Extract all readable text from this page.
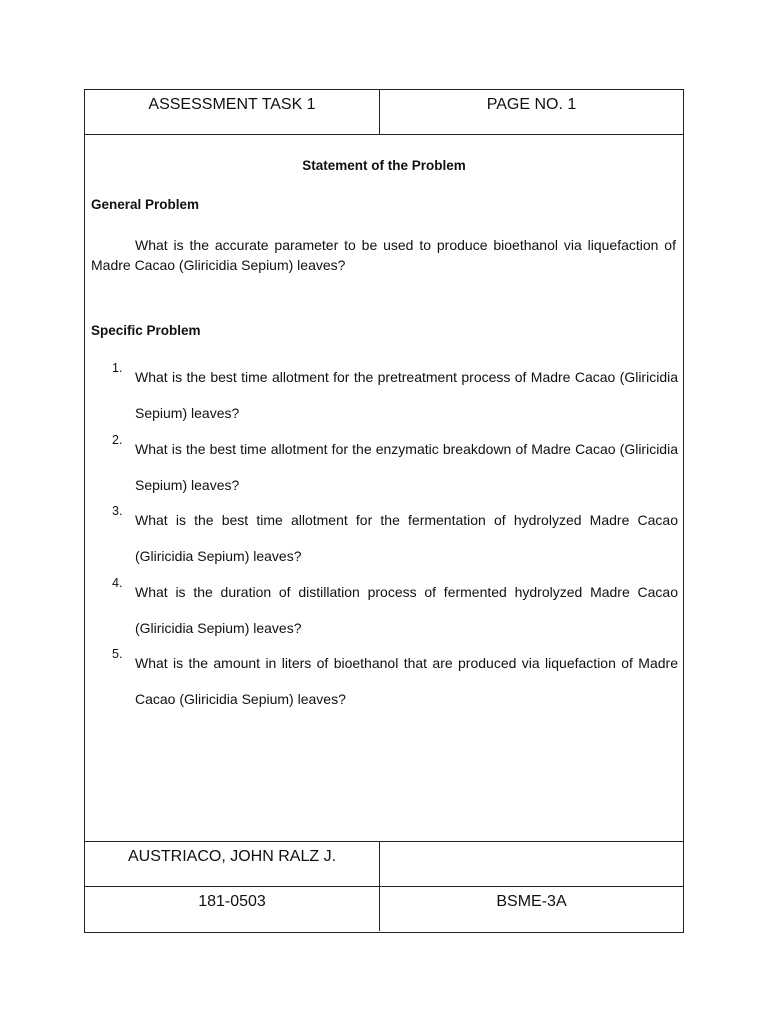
ASSESSMENT TASK 1	PAGE NO. 1
Statement of the Problem
General Problem
What is the accurate parameter to be used to produce bioethanol via liquefaction of Madre Cacao (Gliricidia Sepium) leaves?
Specific Problem
1.
What is the best time allotment for the pretreatment process of Madre Cacao (Gliricidia Sepium) leaves?
2.
What is the best time allotment for the enzymatic breakdown of Madre Cacao (Gliricidia Sepium) leaves?
3.
What is the best time allotment for the fermentation of hydrolyzed Madre Cacao (Gliricidia Sepium) leaves?
4.
What is the duration of distillation process of fermented hydrolyzed Madre Cacao (Gliricidia Sepium) leaves?
5.
What is the amount in liters of bioethanol that are produced via liquefaction of Madre Cacao (Gliricidia Sepium) leaves?
AUSTRIACO, JOHN RALZ J.
181-0503	BSME-3A
